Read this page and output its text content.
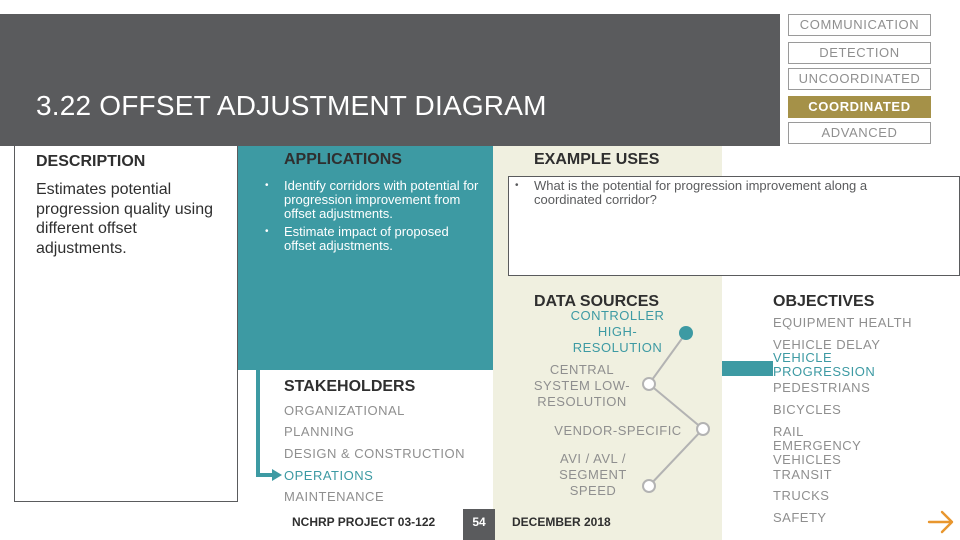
3.22 OFFSET ADJUSTMENT DIAGRAM
COMMUNICATION
DETECTION
UNCOORDINATED
COORDINATED
ADVANCED
DESCRIPTION
Estimates potential progression quality using different offset adjustments.
APPLICATIONS
• Identify corridors with potential for progression improvement from offset adjustments.
• Estimate impact of proposed offset adjustments.
EXAMPLE USES
• What is the potential for progression improvement along a coordinated corridor?
STAKEHOLDERS
ORGANIZATIONAL
PLANNING
DESIGN & CONSTRUCTION
OPERATIONS
MAINTENANCE
DATA SOURCES
CONTROLLER HIGH-RESOLUTION
CENTRAL SYSTEM LOW-RESOLUTION
VENDOR-SPECIFIC
AVI / AVL / SEGMENT SPEED
OBJECTIVES
EQUIPMENT HEALTH
VEHICLE DELAY
VEHICLE PROGRESSION
PEDESTRIANS
BICYCLES
RAIL EMERGENCY VEHICLES
TRANSIT
TRUCKS
SAFETY
NCHRP PROJECT 03-122	54	DECEMBER 2018
